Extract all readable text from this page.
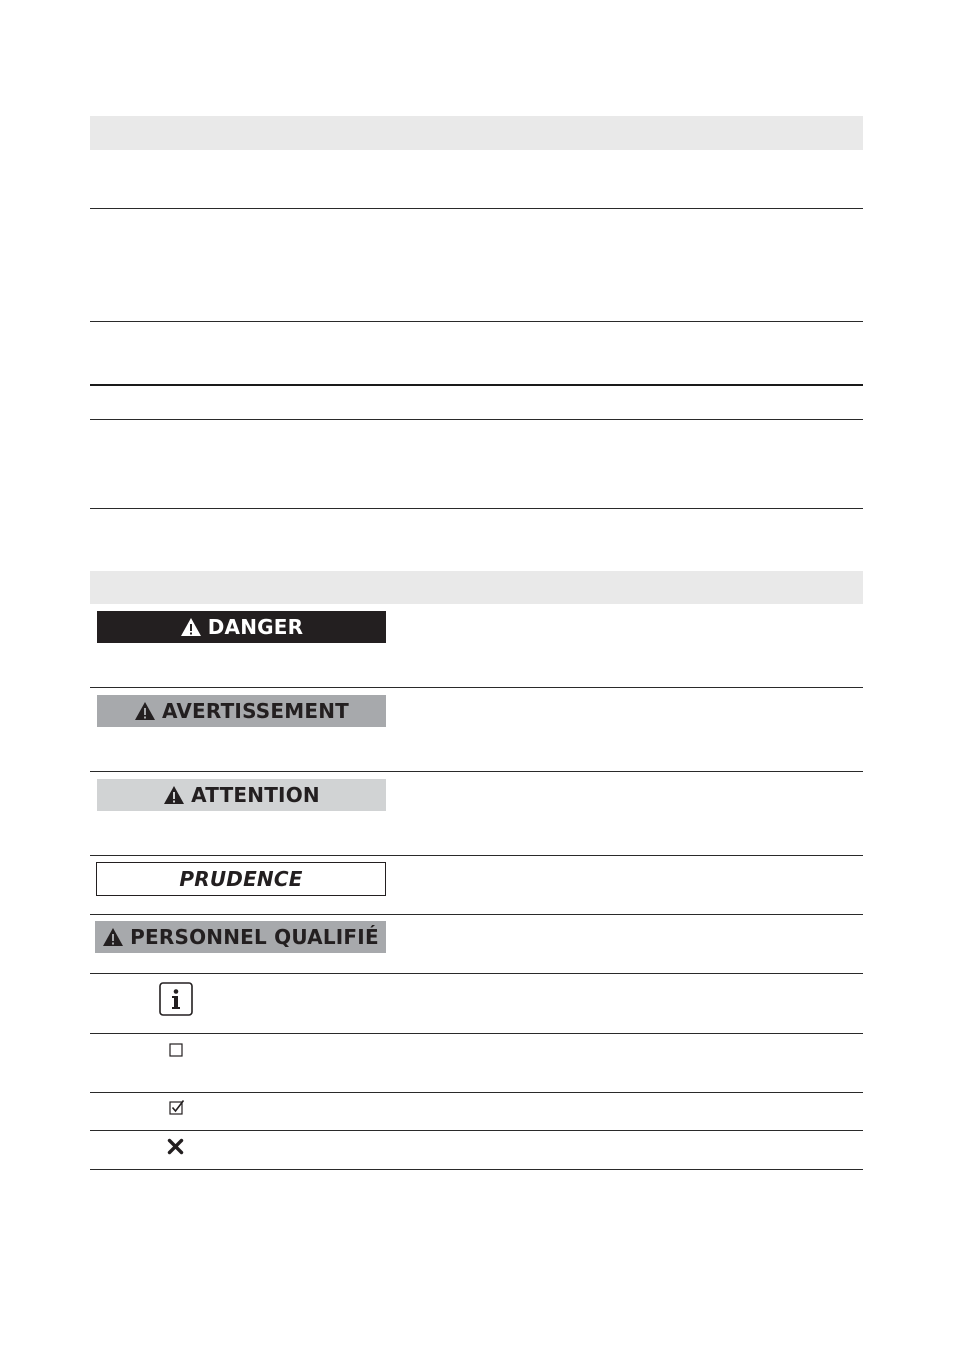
DANGER
AVERTISSEMENT
ATTENTION
PRUDENCE
PERSONNEL QUALIFIÉ
